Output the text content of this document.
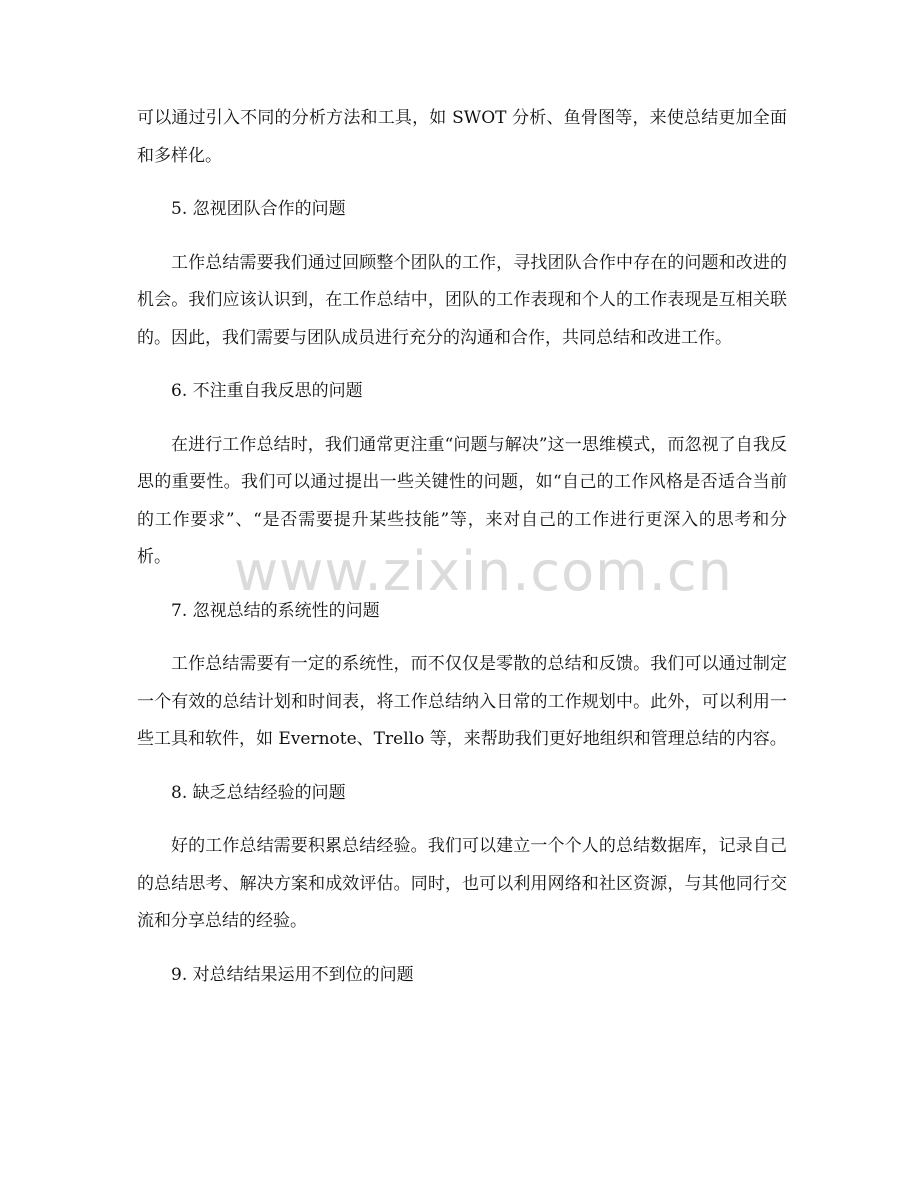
可以通过引入不同的分析方法和工具，如 SWOT 分析、鱼骨图等，来使总结更加全面和多样化。

5. 忽视团队合作的问题

工作总结需要我们通过回顾整个团队的工作，寻找团队合作中存在的问题和改进的机会。我们应该认识到，在工作总结中，团队的工作表现和个人的工作表现是互相关联的。因此，我们需要与团队成员进行充分的沟通和合作，共同总结和改进工作。

6. 不注重自我反思的问题

在进行工作总结时，我们通常更注重“问题与解决”这一思维模式，而忽视了自我反思的重要性。我们可以通过提出一些关键性的问题，如“自己的工作风格是否适合当前的工作要求”、“是否需要提升某些技能”等，来对自己的工作进行更深入的思考和分析。

7. 忽视总结的系统性的问题

工作总结需要有一定的系统性，而不仅仅是零散的总结和反馈。我们可以通过制定一个有效的总结计划和时间表，将工作总结纳入日常的工作规划中。此外，可以利用一些工具和软件，如 Evernote、Trello 等，来帮助我们更好地组织和管理总结的内容。

8. 缺乏总结经验的问题

好的工作总结需要积累总结经验。我们可以建立一个个人的总结数据库，记录自己的总结思考、解决方案和成效评估。同时，也可以利用网络和社区资源，与其他同行交流和分享总结的经验。

9. 对总结结果运用不到位的问题

www.zixin.com.cn
